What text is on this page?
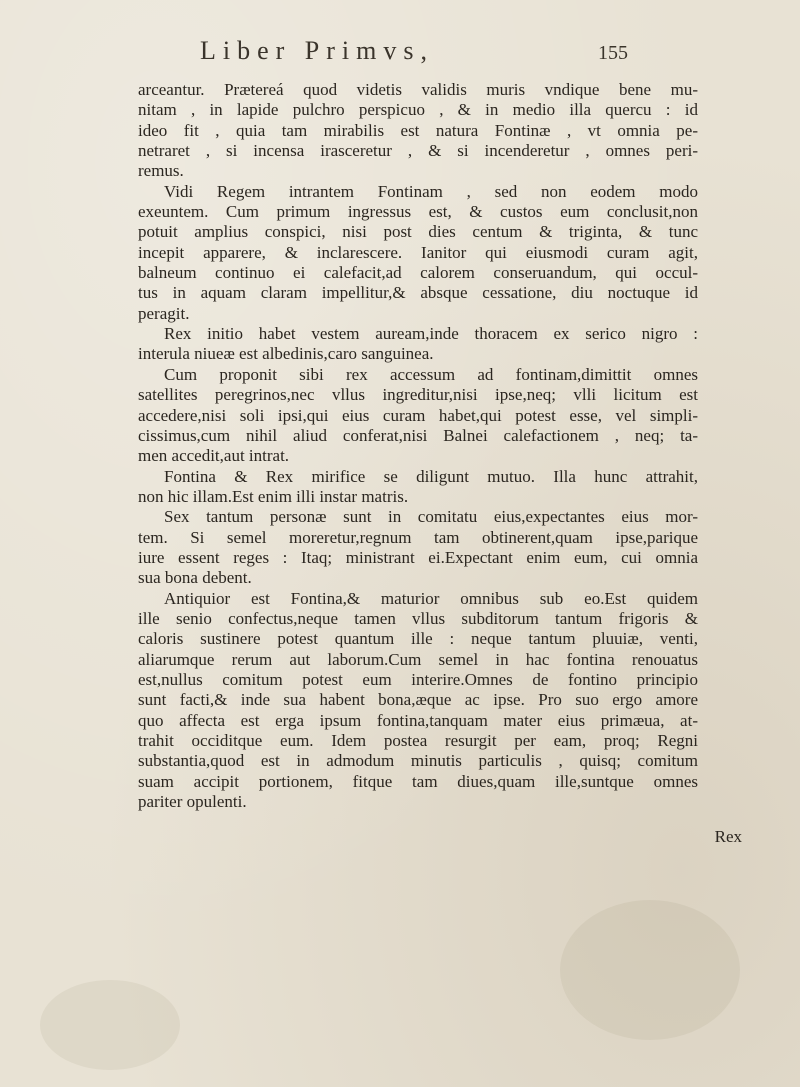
Liber Primvs,	155
arceantur. Prætereá quod videtis validis muris vndique bene mu-
nitam , in lapide pulchro perspicuo , & in medio illa quercu : id
ideo fit , quia tam mirabilis est natura Fontinæ , vt omnia pe-
netraret , si incensa irasceretur , & si incenderetur , omnes peri-
remus.
Vidi Regem intrantem Fontinam , sed non eodem modo
exeuntem. Cum primum ingressus est, & custos eum conclusit,non
potuit amplius conspici, nisi post dies centum & triginta, & tunc
incepit apparere, & inclarescere. Ianitor qui eiusmodi curam agit,
balneum continuo ei calefacit,ad calorem conseruandum, qui occul-
tus in aquam claram impellitur,& absque cessatione, diu noctuque id
peragit.
Rex initio habet vestem auream,inde thoracem ex serico nigro :
interula niueæ est albedinis,caro sanguinea.
Cum proponit sibi rex accessum ad fontinam,dimittit omnes
satellites peregrinos,nec vllus ingreditur,nisi ipse,neq; vlli licitum est
accedere,nisi soli ipsi,qui eius curam habet,qui potest esse, vel simpli-
cissimus,cum nihil aliud conferat,nisi Balnei calefactionem , neq; ta-
men accedit,aut intrat.
Fontina & Rex mirifice se diligunt mutuo. Illa hunc attrahit,
non hic illam.Est enim illi instar matris.
Sex tantum personæ sunt in comitatu eius,expectantes eius mor-
tem. Si semel moreretur,regnum tam obtinerent,quam ipse,parique
iure essent reges : Itaq; ministrant ei.Expectant enim eum, cui omnia
sua bona debent.
Antiquior est Fontina,& maturior omnibus sub eo.Est quidem
ille senio confectus,neque tamen vllus subditorum tantum frigoris &
caloris sustinere potest quantum ille : neque tantum pluuiæ, venti,
aliarumque rerum aut laborum.Cum semel in hac fontina renouatus
est,nullus comitum potest eum interire.Omnes de fontino principio
sunt facti,& inde sua habent bona,æque ac ipse. Pro suo ergo amore
quo affecta est erga ipsum fontina,tanquam mater eius primæua, at-
trahit occiditque eum. Idem postea resurgit per eam, proq; Regni
substantia,quod est in admodum minutis particulis , quisq; comitum
suam accipit portionem, fitque tam diues,quam ille,suntque omnes
pariter opulenti.
Rex
